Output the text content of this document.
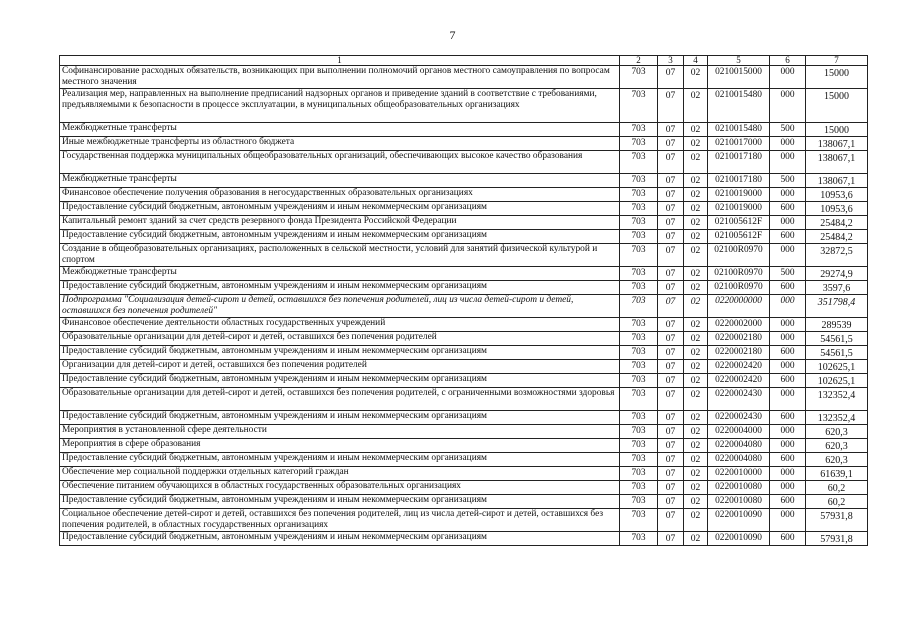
7
1	2	3	4	5	6	7
Софинансирование расходных обязательств, возникающих при выполнении полномочий органов местного самоуправления по вопросам местного значения	703	07	02	0210015000	000	15000
Реализация мер, направленных на выполнение предписаний надзорных органов и приведение зданий в соответствие с требованиями, предъявляемыми к безопасности в процессе эксплуатации, в муниципальных общеобразовательных организациях	703	07	02	0210015480	000	15000
Межбюджетные трансферты	703	07	02	0210015480	500	15000
Иные межбюджетные трансферты из областного бюджета	703	07	02	0210017000	000	138067,1
Государственная поддержка муниципальных общеобразовательных организаций, обеспечивающих высокое качество образования	703	07	02	0210017180	000	138067,1
Межбюджетные трансферты	703	07	02	0210017180	500	138067,1
Финансовое обеспечение получения образования в негосударственных образовательных организациях	703	07	02	0210019000	000	10953,6
Предоставление субсидий бюджетным, автономным учреждениям и иным некоммерческим организациям	703	07	02	0210019000	600	10953,6
Капитальный ремонт зданий за счет средств резервного фонда Президента Российской Федерации	703	07	02	021005612F	000	25484,2
Предоставление субсидий бюджетным, автономным учреждениям и иным некоммерческим организациям	703	07	02	021005612F	600	25484,2
Создание в общеобразовательных организациях, расположенных в сельской местности, условий для занятий физической культурой и спортом	703	07	02	02100R0970	000	32872,5
Межбюджетные трансферты	703	07	02	02100R0970	500	29274,9
Предоставление субсидий бюджетным, автономным учреждениям и иным некоммерческим организациям	703	07	02	02100R0970	600	3597,6
Подпрограмма "Социализация детей-сирот и детей, оставшихся без попечения родителей, лиц из числа детей-сирот и детей, оставшихся без попечения родителей"	703	07	02	0220000000	000	351798,4
Финансовое обеспечение деятельности областных государственных учреждений	703	07	02	0220002000	000	289539
Образовательные организации для детей-сирот и детей, оставшихся без попечения родителей	703	07	02	0220002180	000	54561,5
Предоставление субсидий бюджетным, автономным учреждениям и иным некоммерческим организациям	703	07	02	0220002180	600	54561,5
Организации для детей-сирот и детей, оставшихся без попечения родителей	703	07	02	0220002420	000	102625,1
Предоставление субсидий бюджетным, автономным учреждениям и иным некоммерческим организациям	703	07	02	0220002420	600	102625,1
Образовательные организации для детей-сирот и детей, оставшихся без попечения родителей, с ограниченными возможностями здоровья	703	07	02	0220002430	000	132352,4
Предоставление субсидий бюджетным, автономным учреждениям и иным некоммерческим организациям	703	07	02	0220002430	600	132352,4
Мероприятия в установленной сфере деятельности	703	07	02	0220004000	000	620,3
Мероприятия в сфере образования	703	07	02	0220004080	000	620,3
Предоставление субсидий бюджетным, автономным учреждениям и иным некоммерческим организациям	703	07	02	0220004080	600	620,3
Обеспечение мер социальной поддержки отдельных категорий граждан	703	07	02	0220010000	000	61639,1
Обеспечение питанием обучающихся в областных государственных образовательных организациях	703	07	02	0220010080	000	60,2
Предоставление субсидий бюджетным, автономным учреждениям и иным некоммерческим организациям	703	07	02	0220010080	600	60,2
Социальное обеспечение детей-сирот и детей, оставшихся без попечения родителей, лиц из числа детей-сирот и детей, оставшихся без попечения родителей, в областных государственных организациях	703	07	02	0220010090	000	57931,8
Предоставление субсидий бюджетным, автономным учреждениям и иным некоммерческим организациям	703	07	02	0220010090	600	57931,8
